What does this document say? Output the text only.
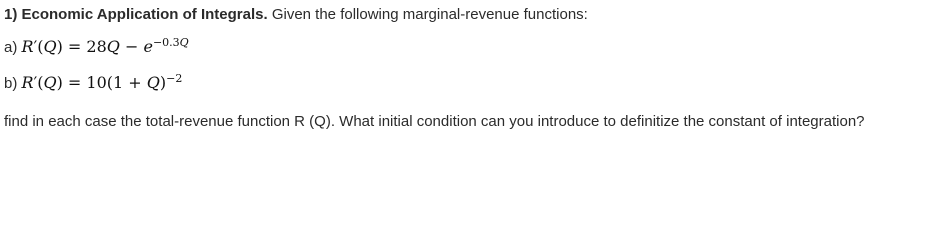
1) Economic Application of Integrals. Given the following marginal-revenue functions:
a) $R'(Q) = 28Q - e^{-0.3Q}$
b) $R'(Q) = 10(1 + Q)^{-2}$
find in each case the total-revenue function R (Q). What initial condition can you introduce to definitize the constant of integration?
